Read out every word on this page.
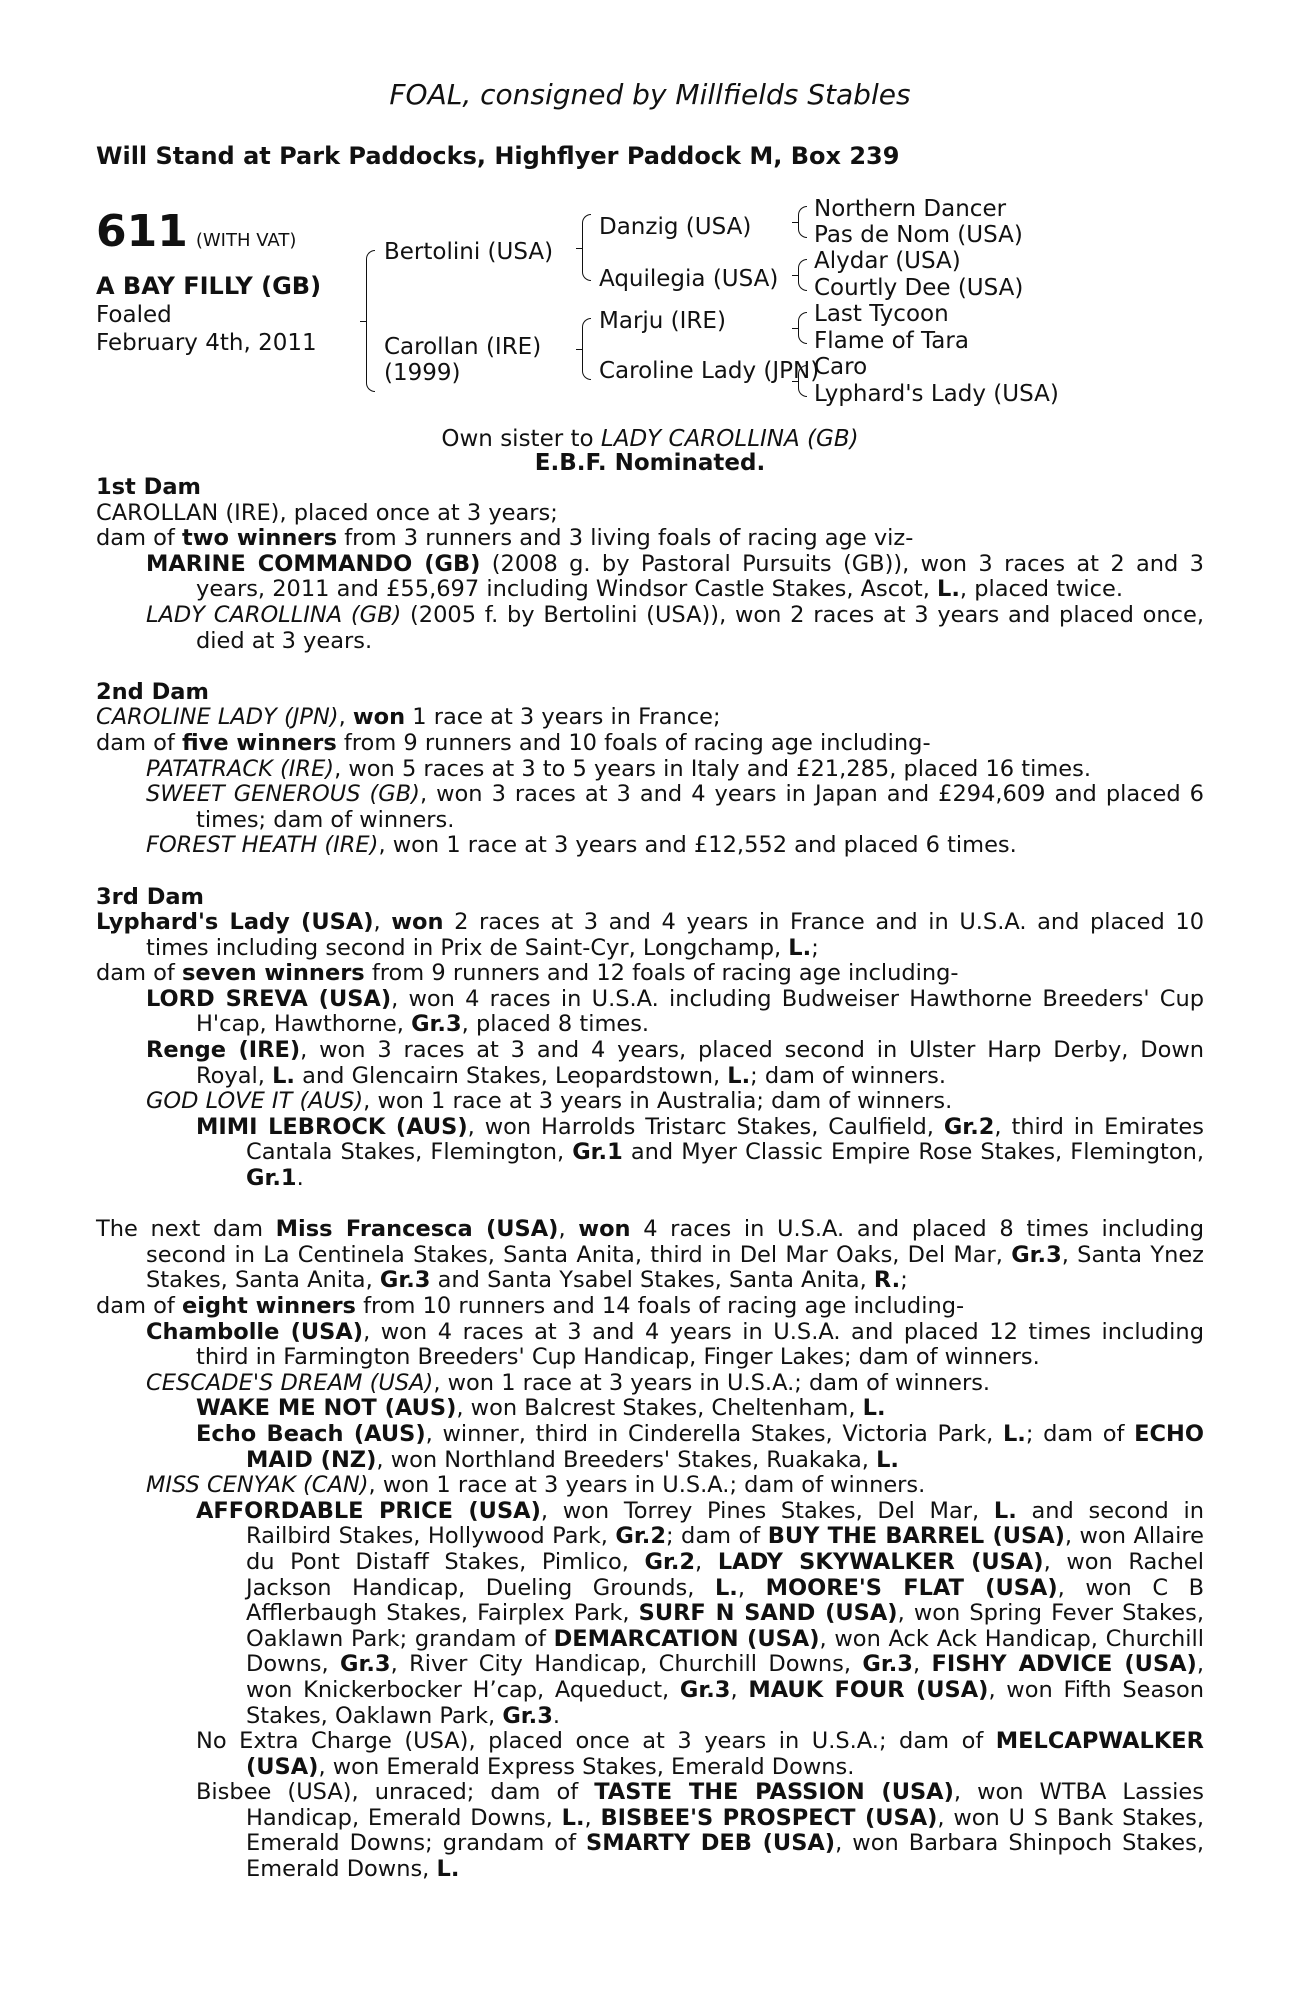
FOAL, consigned by Millfields Stables
Will Stand at Park Paddocks, Highflyer Paddock M, Box 239
611 (WITH VAT)
A BAY FILLY (GB)
Foaled
February 4th, 2011
Bertolini (USA)
Carollan (IRE)
(1999)
Danzig (USA)
Aquilegia (USA)
Marju (IRE)
Caroline Lady (JPN)
Northern Dancer
Pas de Nom (USA)
Alydar (USA)
Courtly Dee (USA)
Last Tycoon
Flame of Tara
Caro
Lyphard's Lady (USA)
Own sister to LADY CAROLLINA (GB)
E.B.F. Nominated.
1st Dam

CAROLLAN (IRE), placed once at 3 years;

dam of two winners from 3 runners and 3 living foals of racing age viz-

MARINE COMMANDO (GB) (2008 g. by Pastoral Pursuits (GB)), won 3 races at 2 and 3 years, 2011 and £55,697 including Windsor Castle Stakes, Ascot, L., placed twice.

LADY CAROLLINA (GB) (2005 f. by Bertolini (USA)), won 2 races at 3 years and placed once, died at 3 years.

2nd Dam

CAROLINE LADY (JPN), won 1 race at 3 years in France;

dam of five winners from 9 runners and 10 foals of racing age including-

PATATRACK (IRE), won 5 races at 3 to 5 years in Italy and £21,285, placed 16 times.

SWEET GENEROUS (GB), won 3 races at 3 and 4 years in Japan and £294,609 and placed 6 times; dam of winners.

FOREST HEATH (IRE), won 1 race at 3 years and £12,552 and placed 6 times.

3rd Dam

Lyphard's Lady (USA), won 2 races at 3 and 4 years in France and in U.S.A. and placed 10 times including second in Prix de Saint-Cyr, Longchamp, L.;

dam of seven winners from 9 runners and 12 foals of racing age including-

LORD SREVA (USA), won 4 races in U.S.A. including Budweiser Hawthorne Breeders' Cup H'cap, Hawthorne, Gr.3, placed 8 times.

Renge (IRE), won 3 races at 3 and 4 years, placed second in Ulster Harp Derby, Down Royal, L. and Glencairn Stakes, Leopardstown, L.; dam of winners.

GOD LOVE IT (AUS), won 1 race at 3 years in Australia; dam of winners.

MIMI LEBROCK (AUS), won Harrolds Tristarc Stakes, Caulfield, Gr.2, third in Emirates Cantala Stakes, Flemington, Gr.1 and Myer Classic Empire Rose Stakes, Flemington, Gr.1.

The next dam Miss Francesca (USA), won 4 races in U.S.A. and placed 8 times including second in La Centinela Stakes, Santa Anita, third in Del Mar Oaks, Del Mar, Gr.3, Santa Ynez Stakes, Santa Anita, Gr.3 and Santa Ysabel Stakes, Santa Anita, R.;

dam of eight winners from 10 runners and 14 foals of racing age including-

Chambolle (USA), won 4 races at 3 and 4 years in U.S.A. and placed 12 times including third in Farmington Breeders' Cup Handicap, Finger Lakes; dam of winners.

CESCADE'S DREAM (USA), won 1 race at 3 years in U.S.A.; dam of winners.

WAKE ME NOT (AUS), won Balcrest Stakes, Cheltenham, L.

Echo Beach (AUS), winner, third in Cinderella Stakes, Victoria Park, L.; dam of ECHO MAID (NZ), won Northland Breeders' Stakes, Ruakaka, L.

MISS CENYAK (CAN), won 1 race at 3 years in U.S.A.; dam of winners.

AFFORDABLE PRICE (USA), won Torrey Pines Stakes, Del Mar, L. and second in Railbird Stakes, Hollywood Park, Gr.2; dam of BUY THE BARREL (USA), won Allaire du Pont Distaff Stakes, Pimlico, Gr.2, LADY SKYWALKER (USA), won Rachel Jackson Handicap, Dueling Grounds, L., MOORE'S FLAT (USA), won C B Afflerbaugh Stakes, Fairplex Park, SURF N SAND (USA), won Spring Fever Stakes, Oaklawn Park; grandam of DEMARCATION (USA), won Ack Ack Handicap, Churchill Downs, Gr.3, River City Handicap, Churchill Downs, Gr.3, FISHY ADVICE (USA), won Knickerbocker H’cap, Aqueduct, Gr.3, MAUK FOUR (USA), won Fifth Season Stakes, Oaklawn Park, Gr.3.

No Extra Charge (USA), placed once at 3 years in U.S.A.; dam of MELCAPWALKER (USA), won Emerald Express Stakes, Emerald Downs.

Bisbee (USA), unraced; dam of TASTE THE PASSION (USA), won WTBA Lassies Handicap, Emerald Downs, L., BISBEE'S PROSPECT (USA), won U S Bank Stakes, Emerald Downs; grandam of SMARTY DEB (USA), won Barbara Shinpoch Stakes, Emerald Downs, L.
